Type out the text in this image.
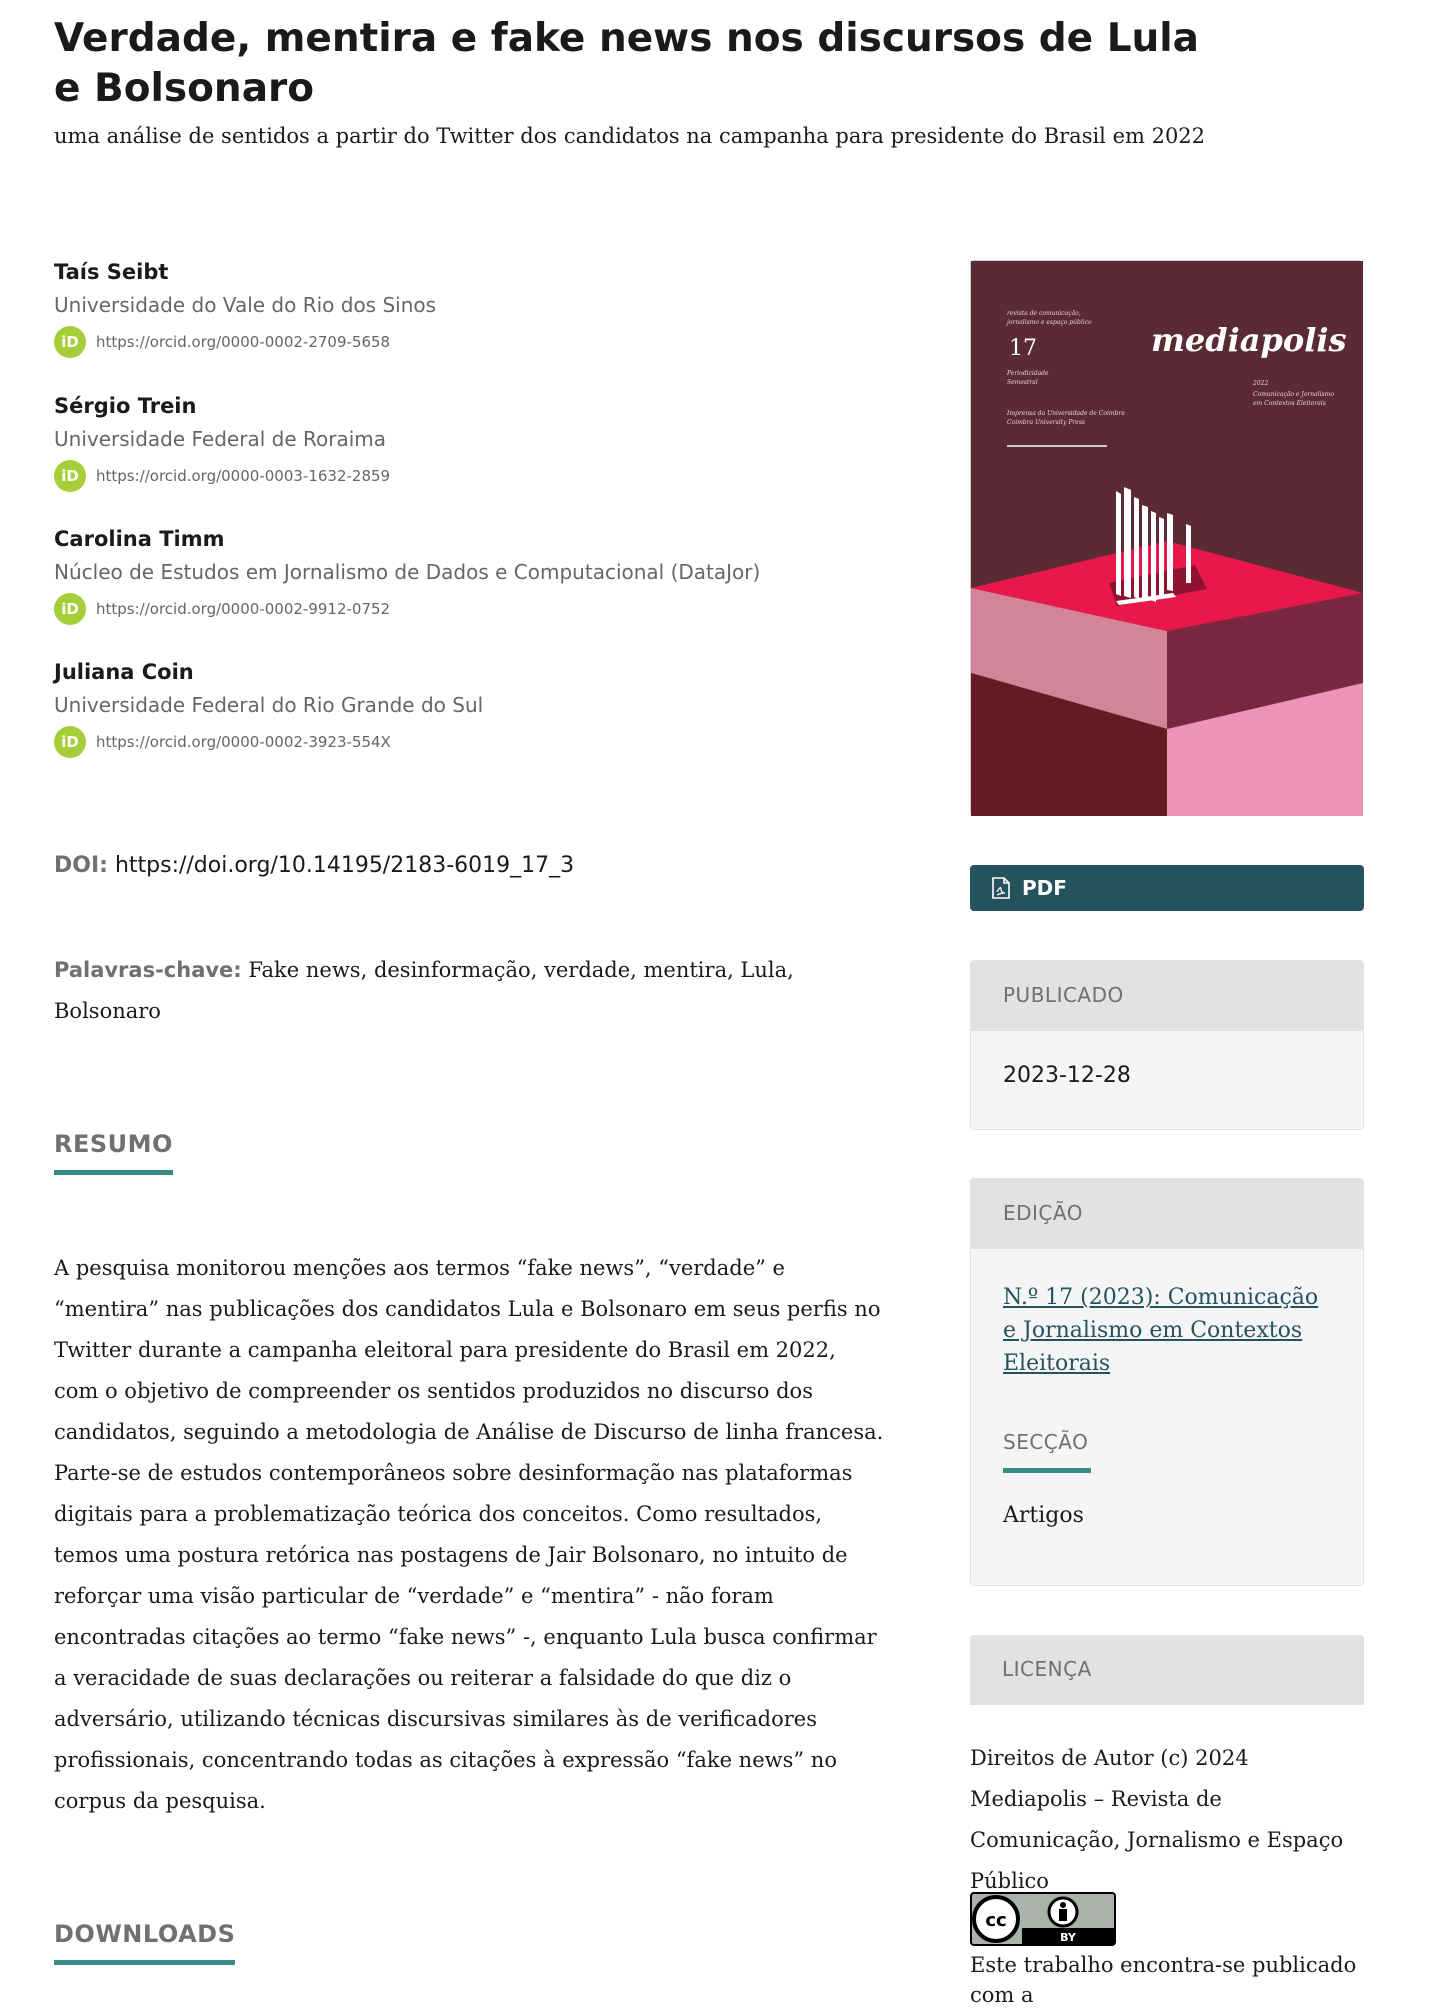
Verdade, mentira e fake news nos discursos de Lula e Bolsonaro

uma análise de sentidos a partir do Twitter dos candidatos na campanha para presidente do Brasil em 2022

Taís Seibt
Universidade do Vale do Rio dos Sinos
iD	https://orcid.org/0000-0002-2709-5658
Sérgio Trein
Universidade Federal de Roraima
iD	https://orcid.org/0000-0003-1632-2859
Carolina Timm
Núcleo de Estudos em Jornalismo de Dados e Computacional (DataJor)
iD	https://orcid.org/0000-0002-9912-0752
Juliana Coin
Universidade Federal do Rio Grande do Sul
iD	https://orcid.org/0000-0002-3923-554X
DOI: https://doi.org/10.14195/2183-6019_17_3
Palavras-chave: Fake news, desinformação, verdade, mentira, Lula, Bolsonaro
RESUMO

A pesquisa monitorou menções aos termos “fake news”, “verdade” e “mentira” nas publicações dos candidatos Lula e Bolsonaro em seus perfis no Twitter durante a campanha eleitoral para presidente do Brasil em 2022, com o objetivo de compreender os sentidos produzidos no discurso dos candidatos, seguindo a metodologia de Análise de Discurso de linha francesa. Parte-se de estudos contemporâneos sobre desinformação nas plataformas digitais para a problematização teórica dos conceitos. Como resultados, temos uma postura retórica nas postagens de Jair Bolsonaro, no intuito de reforçar uma visão particular de “verdade” e “mentira” - não foram encontradas citações ao termo “fake news” -, enquanto Lula busca confirmar a veracidade de suas declarações ou reiterar a falsidade do que diz o adversário, utilizando técnicas discursivas similares às de verificadores profissionais, concentrando todas as citações à expressão “fake news” no corpus da pesquisa.

DOWNLOADS
revista de comunicação,
jornalismo e espaço público
17
Periodicidade
Semestral
Imprensa da Universidade de Coimbra
Coimbra University Press
mediapolis
2022
Comunicação e Jornalismo
em Contextos Eleitorais
PDF
PUBLICADO
2023-12-28
EDIÇÃO
N.º 17 (2023): Comunicação e Jornalismo em Contextos Eleitorais
SECÇÃO
Artigos
LICENÇA

Direitos de Autor (c) 2024 Mediapolis – Revista de Comunicação, Jornalismo e Espaço Público

cc
BY
Este trabalho encontra-se publicado com a
